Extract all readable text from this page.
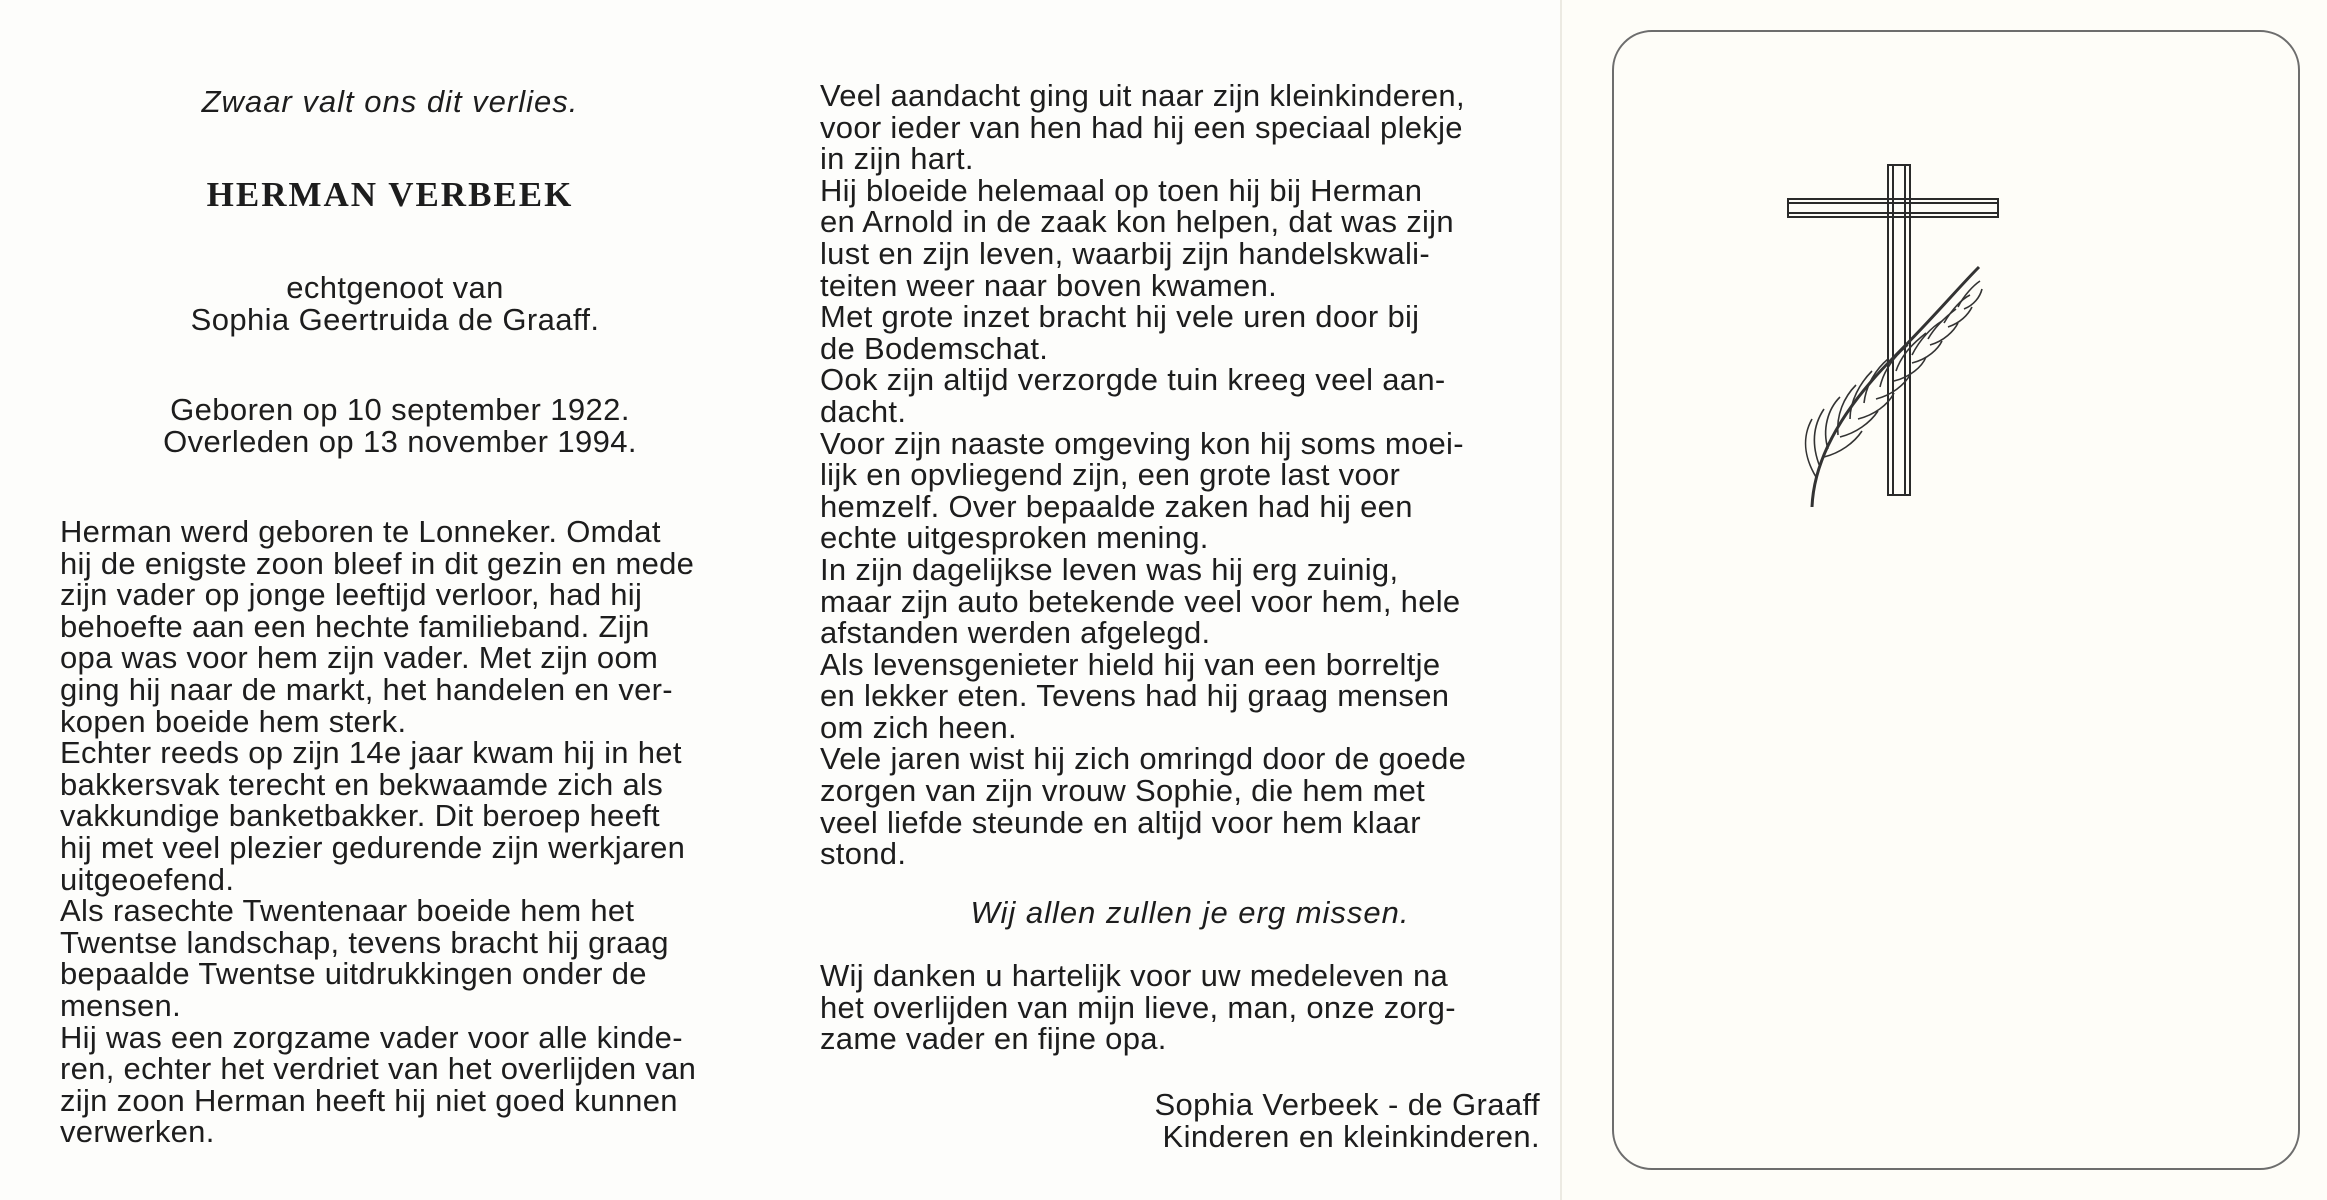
Zwaar valt ons dit verlies.
HERMAN VERBEEK
echtgenoot van
Sophia Geertruida de Graaff.
Geboren op 10 september 1922.
Overleden op 13 november 1994.

Herman werd geboren te Lonneker. Omdat
hij de enigste zoon bleef in dit gezin en mede
zijn vader op jonge leeftijd verloor, had hij
behoefte aan een hechte familieband. Zijn
opa was voor hem zijn vader. Met zijn oom
ging hij naar de markt, het handelen en ver-
kopen boeide hem sterk.
Echter reeds op zijn 14e jaar kwam hij in het
bakkersvak terecht en bekwaamde zich als
vakkundige banketbakker. Dit beroep heeft
hij met veel plezier gedurende zijn werkjaren
uitgeoefend.
Als rasechte Twentenaar boeide hem het
Twentse landschap, tevens bracht hij graag
bepaalde Twentse uitdrukkingen onder de
mensen.
Hij was een zorgzame vader voor alle kinde-
ren, echter het verdriet van het overlijden van
zijn zoon Herman heeft hij niet goed kunnen
verwerken.

Veel aandacht ging uit naar zijn kleinkinderen,
voor ieder van hen had hij een speciaal plekje
in zijn hart.
Hij bloeide helemaal op toen hij bij Herman
en Arnold in de zaak kon helpen, dat was zijn
lust en zijn leven, waarbij zijn handelskwali-
teiten weer naar boven kwamen.
Met grote inzet bracht hij vele uren door bij
de Bodemschat.
Ook zijn altijd verzorgde tuin kreeg veel aan-
dacht.
Voor zijn naaste omgeving kon hij soms moei-
lijk en opvliegend zijn, een grote last voor
hemzelf. Over bepaalde zaken had hij een
echte uitgesproken mening.
In zijn dagelijkse leven was hij erg zuinig,
maar zijn auto betekende veel voor hem, hele
afstanden werden afgelegd.
Als levensgenieter hield hij van een borreltje
en lekker eten. Tevens had hij graag mensen
om zich heen.
Vele jaren wist hij zich omringd door de goede
zorgen van zijn vrouw Sophie, die hem met
veel liefde steunde en altijd voor hem klaar
stond.

Wij allen zullen je erg missen.

Wij danken u hartelijk voor uw medeleven na
het overlijden van mijn lieve, man, onze zorg-
zame vader en fijne opa.

Sophia Verbeek - de Graaff
Kinderen en kleinkinderen.
